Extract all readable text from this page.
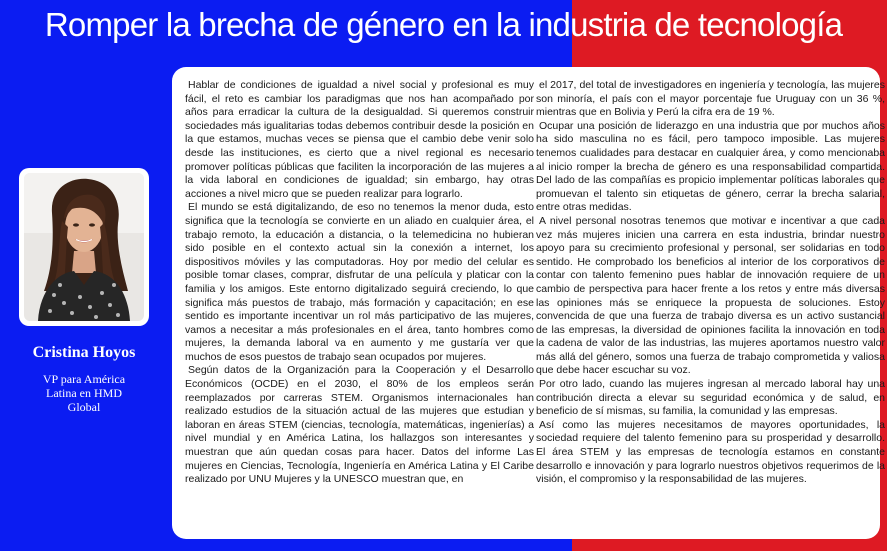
Romper la brecha de género en la industria de tecnología
Cristina Hoyos
VP para América
Latina en HMD
Global

Hablar de condiciones de igualdad a nivel social y profesional es muy fácil, el reto es cambiar los paradigmas que nos han acompañado por años para erradicar la cultura de la desigualdad. Si queremos construir sociedades más igualitarias todas debemos contribuir desde la posición en la que estamos, muchas veces se piensa que el cambio debe venir solo desde las instituciones, es cierto que a nivel regional es necesario promover políticas públicas que faciliten la incorporación de las mujeres a la vida laboral en condiciones de igualdad; sin embargo, hay otras acciones a nivel micro que se pueden realizar para lograrlo.

El mundo se está digitalizando, de eso no tenemos la menor duda, esto significa que la tecnología se convierte en un aliado en cualquier área, el trabajo remoto, la educación a distancia, o la telemedicina no hubieran sido posible en el contexto actual sin la conexión a internet, los dispositivos móviles y las computadoras. Hoy por medio del celular es posible tomar clases, comprar, disfrutar de una película y platicar con la familia y los amigos. Este entorno digitalizado seguirá creciendo, lo que significa más puestos de trabajo, más formación y capacitación; en ese sentido es importante incentivar un rol más participativo de las mujeres, vamos a necesitar a más profesionales en el área, tanto hombres como mujeres, la demanda laboral va en aumento y me gustaría ver que muchos de esos puestos de trabajo sean ocupados por mujeres.

Según datos de la Organización para la Cooperación y el Desarrollo Económicos (OCDE) en el 2030, el 80% de los empleos serán reemplazados por carreras STEM. Organismos internacionales han realizado estudios de la situación actual de las mujeres que estudian y laboran en áreas STEM (ciencias, tecnología, matemáticas, ingenierías) a nivel mundial y en América Latina, los hallazgos son interesantes y muestran que aún quedan cosas para hacer. Datos del informe Las mujeres en Ciencias, Tecnología, Ingeniería en América Latina y El Caribe realizado por UNU Mujeres y la UNESCO muestran que, en

el 2017, del total de investigadores en ingeniería y tecnología, las mujeres son minoría, el país con el mayor porcentaje fue Uruguay con un 36 %, mientras que en Bolivia y Perú la cifra era de 19 %.

Ocupar una posición de liderazgo en una industria que por muchos años ha sido masculina no es fácil, pero tampoco imposible. Las mujeres tenemos cualidades para destacar en cualquier área, y como mencionaba al inicio romper la brecha de género es una responsabilidad compartida. Del lado de las compañías es propicio implementar políticas laborales que promuevan el talento sin etiquetas de género, cerrar la brecha salarial, entre otras medidas.

A nivel personal nosotras tenemos que motivar e incentivar a que cada vez más mujeres inicien una carrera en esta industria, brindar nuestro apoyo para su crecimiento profesional y personal, ser solidarias en todo sentido. He comprobado los beneficios al interior de los corporativos de contar con talento femenino pues hablar de innovación requiere de un cambio de perspectiva para hacer frente a los retos y entre más diversas las opiniones más se enriquece la propuesta de soluciones. Estoy convencida de que una fuerza de trabajo diversa es un activo sustancial de las empresas, la diversidad de opiniones facilita la innovación en toda la cadena de valor de las industrias, las mujeres aportamos nuestro valor más allá del género, somos una fuerza de trabajo comprometida y valiosa que debe hacer escuchar su voz.

Por otro lado, cuando las mujeres ingresan al mercado laboral hay una contribución directa a elevar su seguridad económica y de salud, en beneficio de sí mismas, su familia, la comunidad y las empresas.

Así como las mujeres necesitamos de mayores oportunidades, la sociedad requiere del talento femenino para su prosperidad y desarrollo. El área STEM y las empresas de tecnología estamos en constante desarrollo e innovación y para lograrlo nuestros objetivos requerimos de la visión, el compromiso y la responsabilidad de las mujeres.
